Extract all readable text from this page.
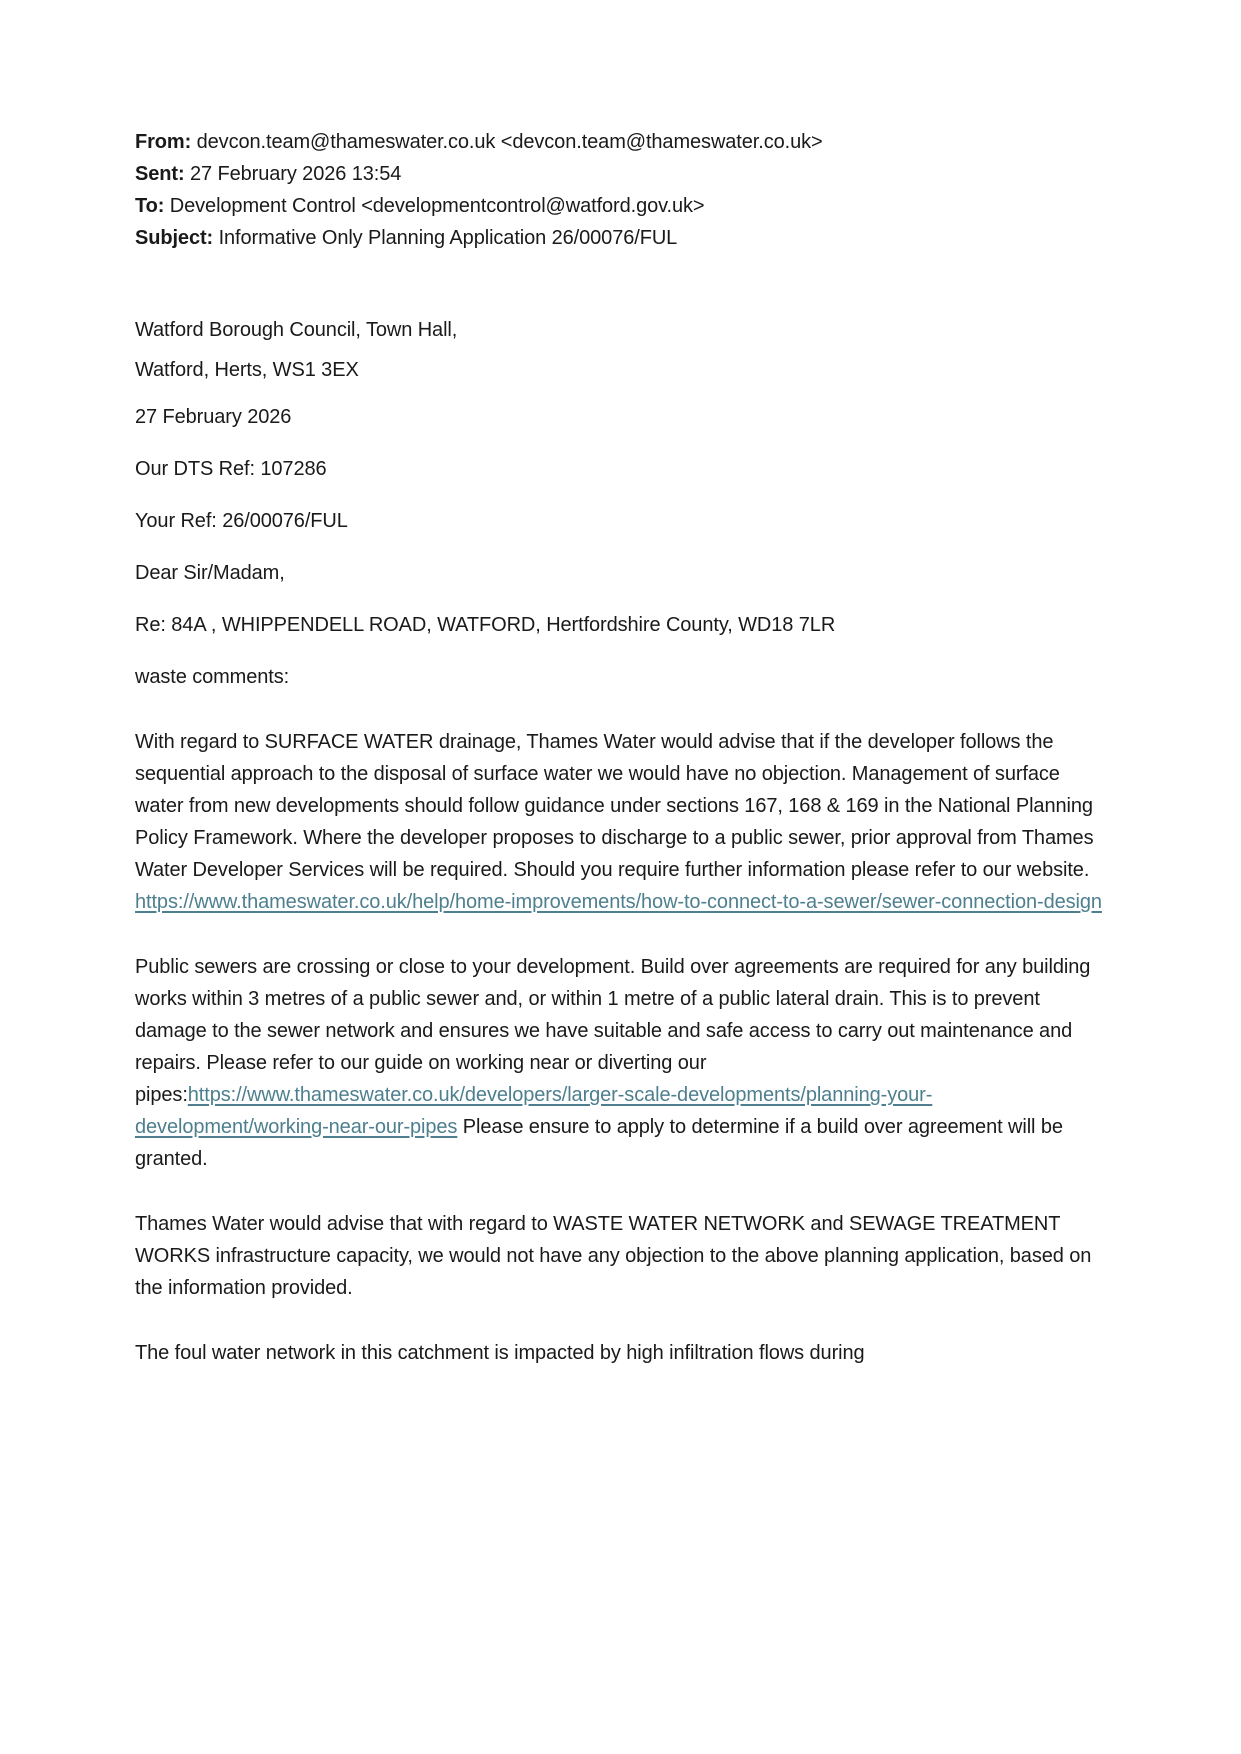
From: devcon.team@thameswater.co.uk <devcon.team@thameswater.co.uk>

Sent: 27 February 2026 13:54

To: Development Control <developmentcontrol@watford.gov.uk>

Subject: Informative Only Planning Application 26/00076/FUL

Watford Borough Council, Town Hall,
Watford, Herts, WS1 3EX

27 February 2026

Our DTS Ref: 107286

Your Ref: 26/00076/FUL

Dear Sir/Madam,

Re: 84A , WHIPPENDELL ROAD, WATFORD, Hertfordshire County, WD18 7LR

waste comments:

With regard to SURFACE WATER drainage, Thames Water would advise that if the developer follows the sequential approach to the disposal of surface water we would have no objection. Management of surface water from new developments should follow guidance under sections 167, 168 & 169 in the National Planning Policy Framework. Where the developer proposes to discharge to a public sewer, prior approval from Thames Water Developer Services will be required. Should you require further information please refer to our website. https://www.thameswater.co.uk/help/home-improvements/how-to-connect-to-a-sewer/sewer-connection-design

Public sewers are crossing or close to your development. Build over agreements are required for any building works within 3 metres of a public sewer and, or within 1 metre of a public lateral drain. This is to prevent damage to the sewer network and ensures we have suitable and safe access to carry out maintenance and repairs. Please refer to our guide on working near or diverting our pipes:https://www.thameswater.co.uk/developers/larger-scale-developments/planning-your-development/working-near-our-pipes Please ensure to apply to determine if a build over agreement will be granted.

Thames Water would advise that with regard to WASTE WATER NETWORK and SEWAGE TREATMENT WORKS infrastructure capacity, we would not have any objection to the above planning application, based on the information provided.

The foul water network in this catchment is impacted by high infiltration flows during
